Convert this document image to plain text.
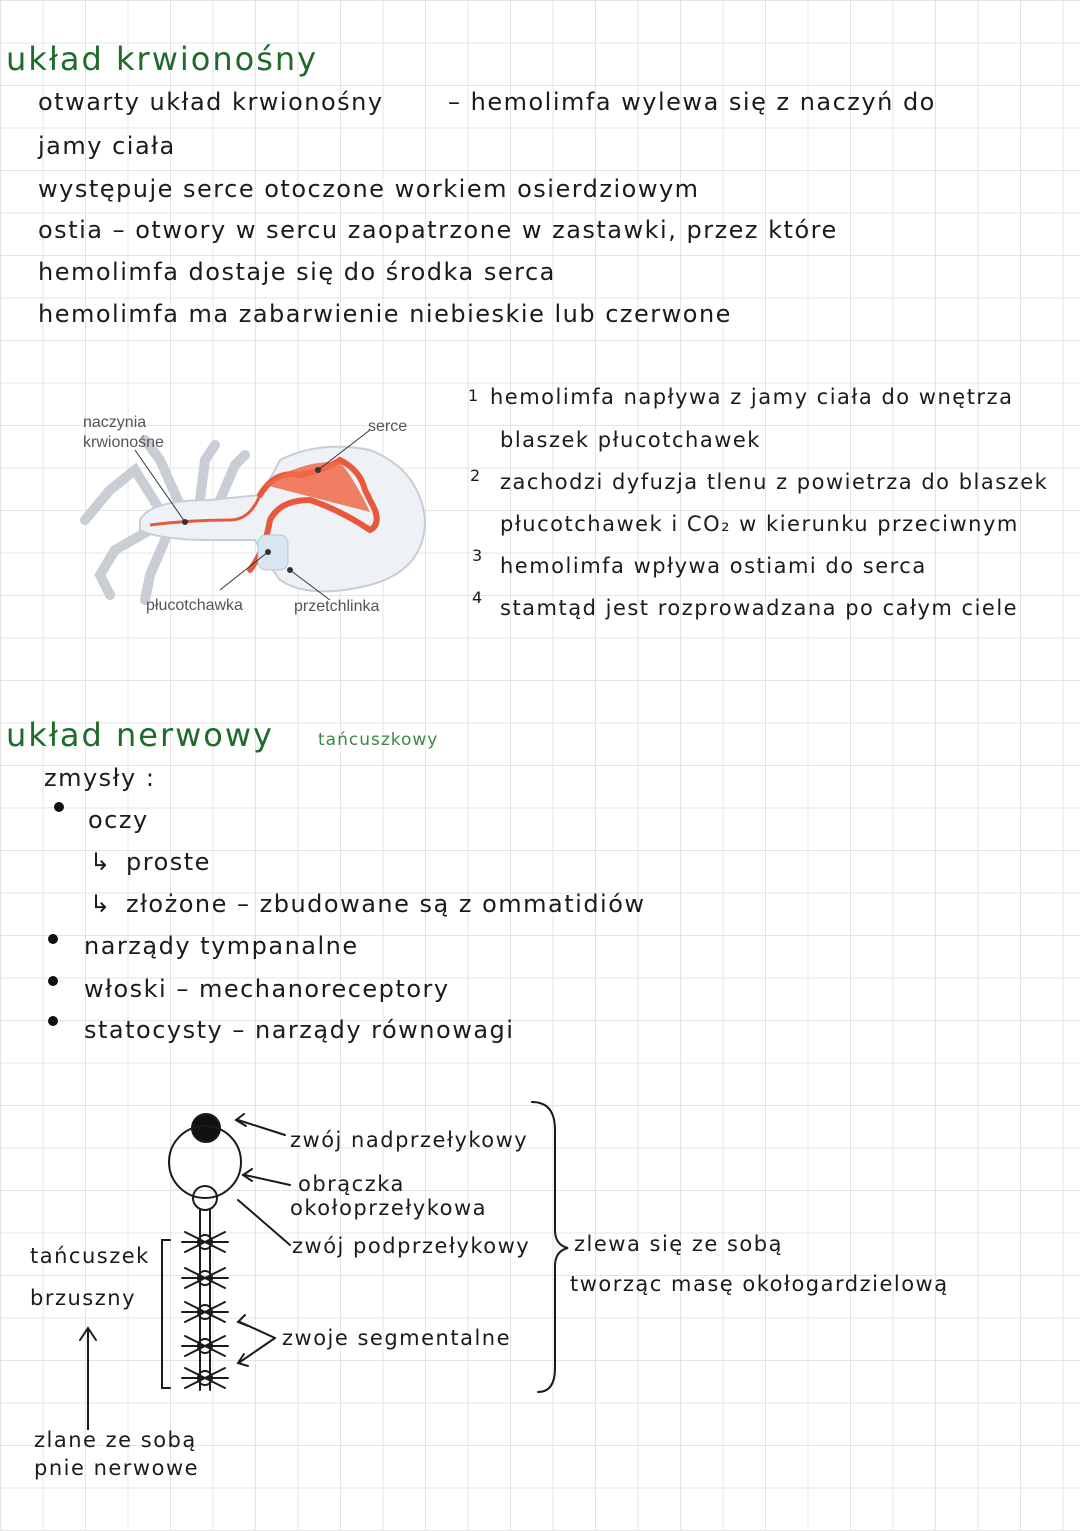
układ krwionośny
otwarty układ krwionośny	– hemolimfa wylewa się z naczyń do
jamy ciała
występuje serce otoczone workiem osierdziowym
ostia – otwory w sercu zaopatrzone w zastawki, przez które
hemolimfa dostaje się do środka serca
hemolimfa ma zabarwienie niebieskie lub czerwone
naczynia
krwionośne
serce
płucotchawka	przetchlinka
1 hemolimfa napływa z jamy ciała do wnętrza
blaszek płucotchawek
2 zachodzi dyfuzja tlenu z powietrza do blaszek
płucotchawek i CO₂ w kierunku przeciwnym
3 hemolimfa wpływa ostiami do serca
4 stamtąd jest rozprowadzana po całym ciele
układ nerwowy	tańcuszkowy
zmysły :
oczy
↳ proste
↳ złożone – zbudowane są z ommatidiów
narządy tympanalne
włoski – mechanoreceptory
statocysty – narządy równowagi
zwój nadprzełykowy
obrączka
okołoprzełykowa
zwój podprzełykowy zlewa się ze sobą
tworząc masę okołogardzielową
tańcuszek
brzuszny
zwoje segmentalne
zlane ze sobą
pnie nerwowe
